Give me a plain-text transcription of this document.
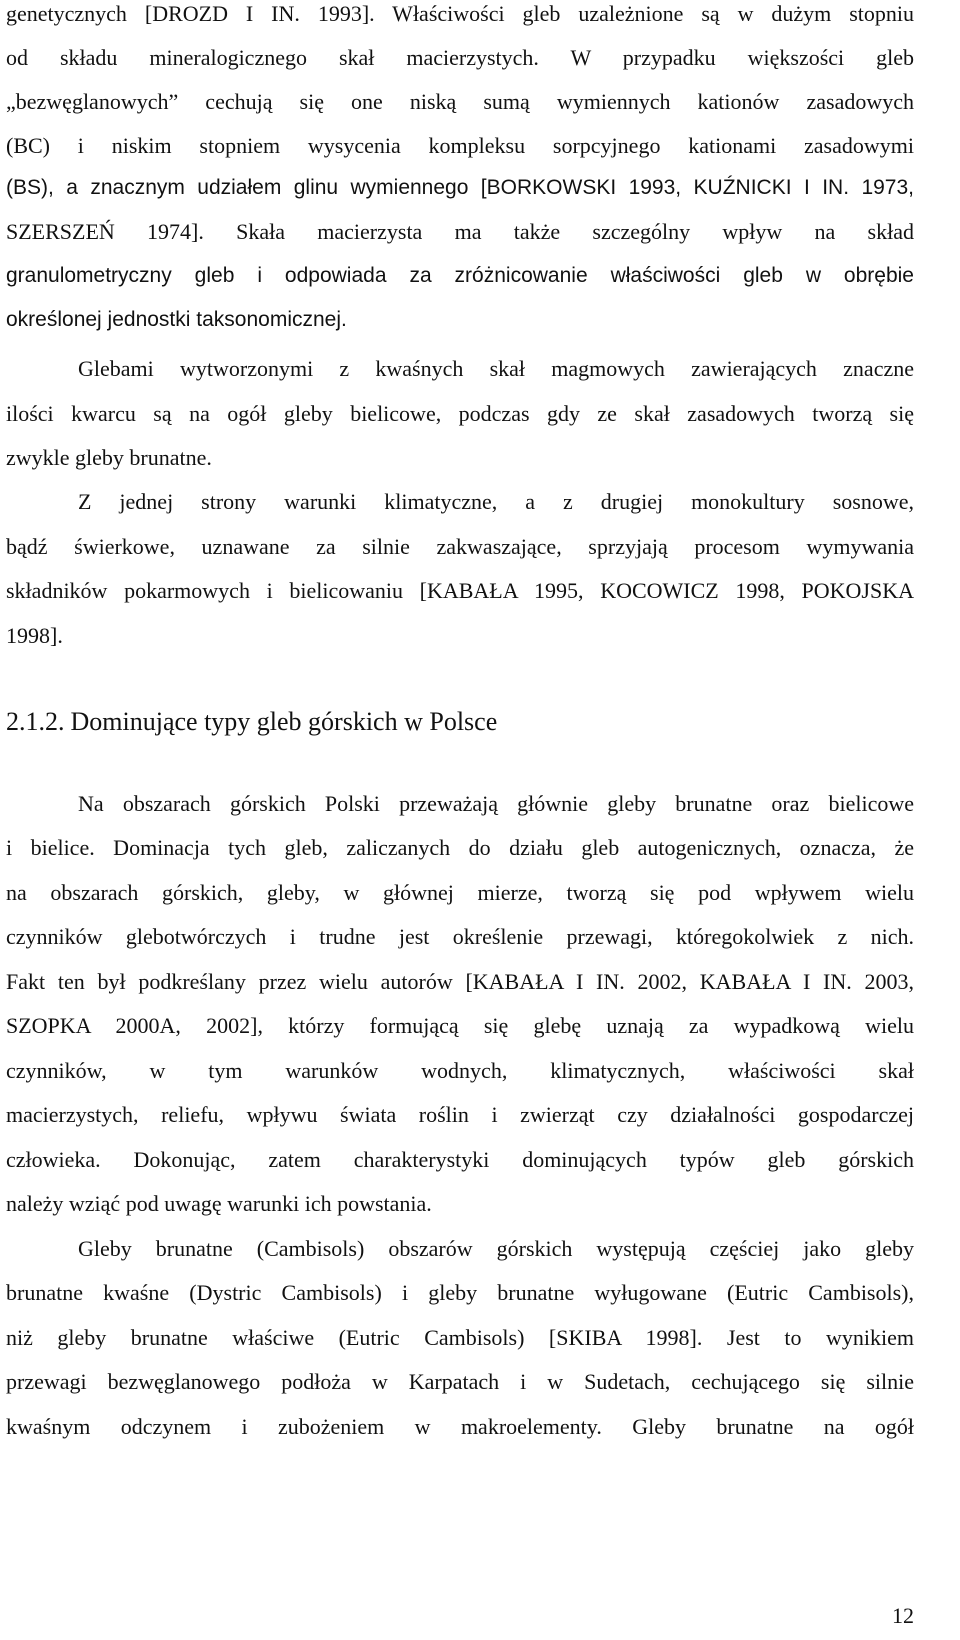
genetycznych [DROZD I IN. 1993]. Właściwości gleb uzależnione są w dużym stopniu
od składu mineralogicznego skał macierzystych. W przypadku większości gleb
„bezwęglanowych” cechują się one niską sumą wymiennych kationów zasadowych
(BC) i niskim stopniem wysycenia kompleksu sorpcyjnego kationami zasadowymi
(BS), a znacznym udziałem glinu wymiennego [BORKOWSKI 1993, KUŹNICKI I IN. 1973,
SZERSZEŃ 1974]. Skała macierzysta ma także szczególny wpływ na skład
granulometryczny gleb i odpowiada za zróżnicowanie właściwości gleb w obrębie
określonej jednostki taksonomicznej.
Glebami wytworzonymi z kwaśnych skał magmowych zawierających znaczne
ilości kwarcu są na ogół gleby bielicowe, podczas gdy ze skał zasadowych tworzą się
zwykle gleby brunatne.
Z jednej strony warunki klimatyczne, a z drugiej monokultury sosnowe,
bądź świerkowe, uznawane za silnie zakwaszające, sprzyjają procesom wymywania
składników pokarmowych i bielicowaniu [KABAŁA 1995, KOCOWICZ 1998, POKOJSKA
1998].
2.1.2. Dominujące typy gleb górskich w Polsce
Na obszarach górskich Polski przeważają głównie gleby brunatne oraz bielicowe
i bielice. Dominacja tych gleb, zaliczanych do działu gleb autogenicznych, oznacza, że
na obszarach górskich, gleby, w głównej mierze, tworzą się pod wpływem wielu
czynników glebotwórczych i trudne jest określenie przewagi, któregokolwiek z nich.
Fakt ten był podkreślany przez wielu autorów [KABAŁA I IN. 2002, KABAŁA I IN. 2003,
SZOPKA 2000A, 2002], którzy formującą się glebę uznają za wypadkową wielu
czynników, w tym warunków wodnych, klimatycznych, właściwości skał
macierzystych, reliefu, wpływu świata roślin i zwierząt czy działalności gospodarczej
człowieka. Dokonując, zatem charakterystyki dominujących typów gleb górskich
należy wziąć pod uwagę warunki ich powstania.
Gleby brunatne (Cambisols) obszarów górskich występują częściej jako gleby
brunatne kwaśne (Dystric Cambisols) i gleby brunatne wyługowane (Eutric Cambisols),
niż gleby brunatne właściwe (Eutric Cambisols) [SKIBA 1998]. Jest to wynikiem
przewagi bezwęglanowego podłoża w Karpatach i w Sudetach, cechującego się silnie
kwaśnym odczynem i zubożeniem w makroelementy. Gleby brunatne na ogół
12
